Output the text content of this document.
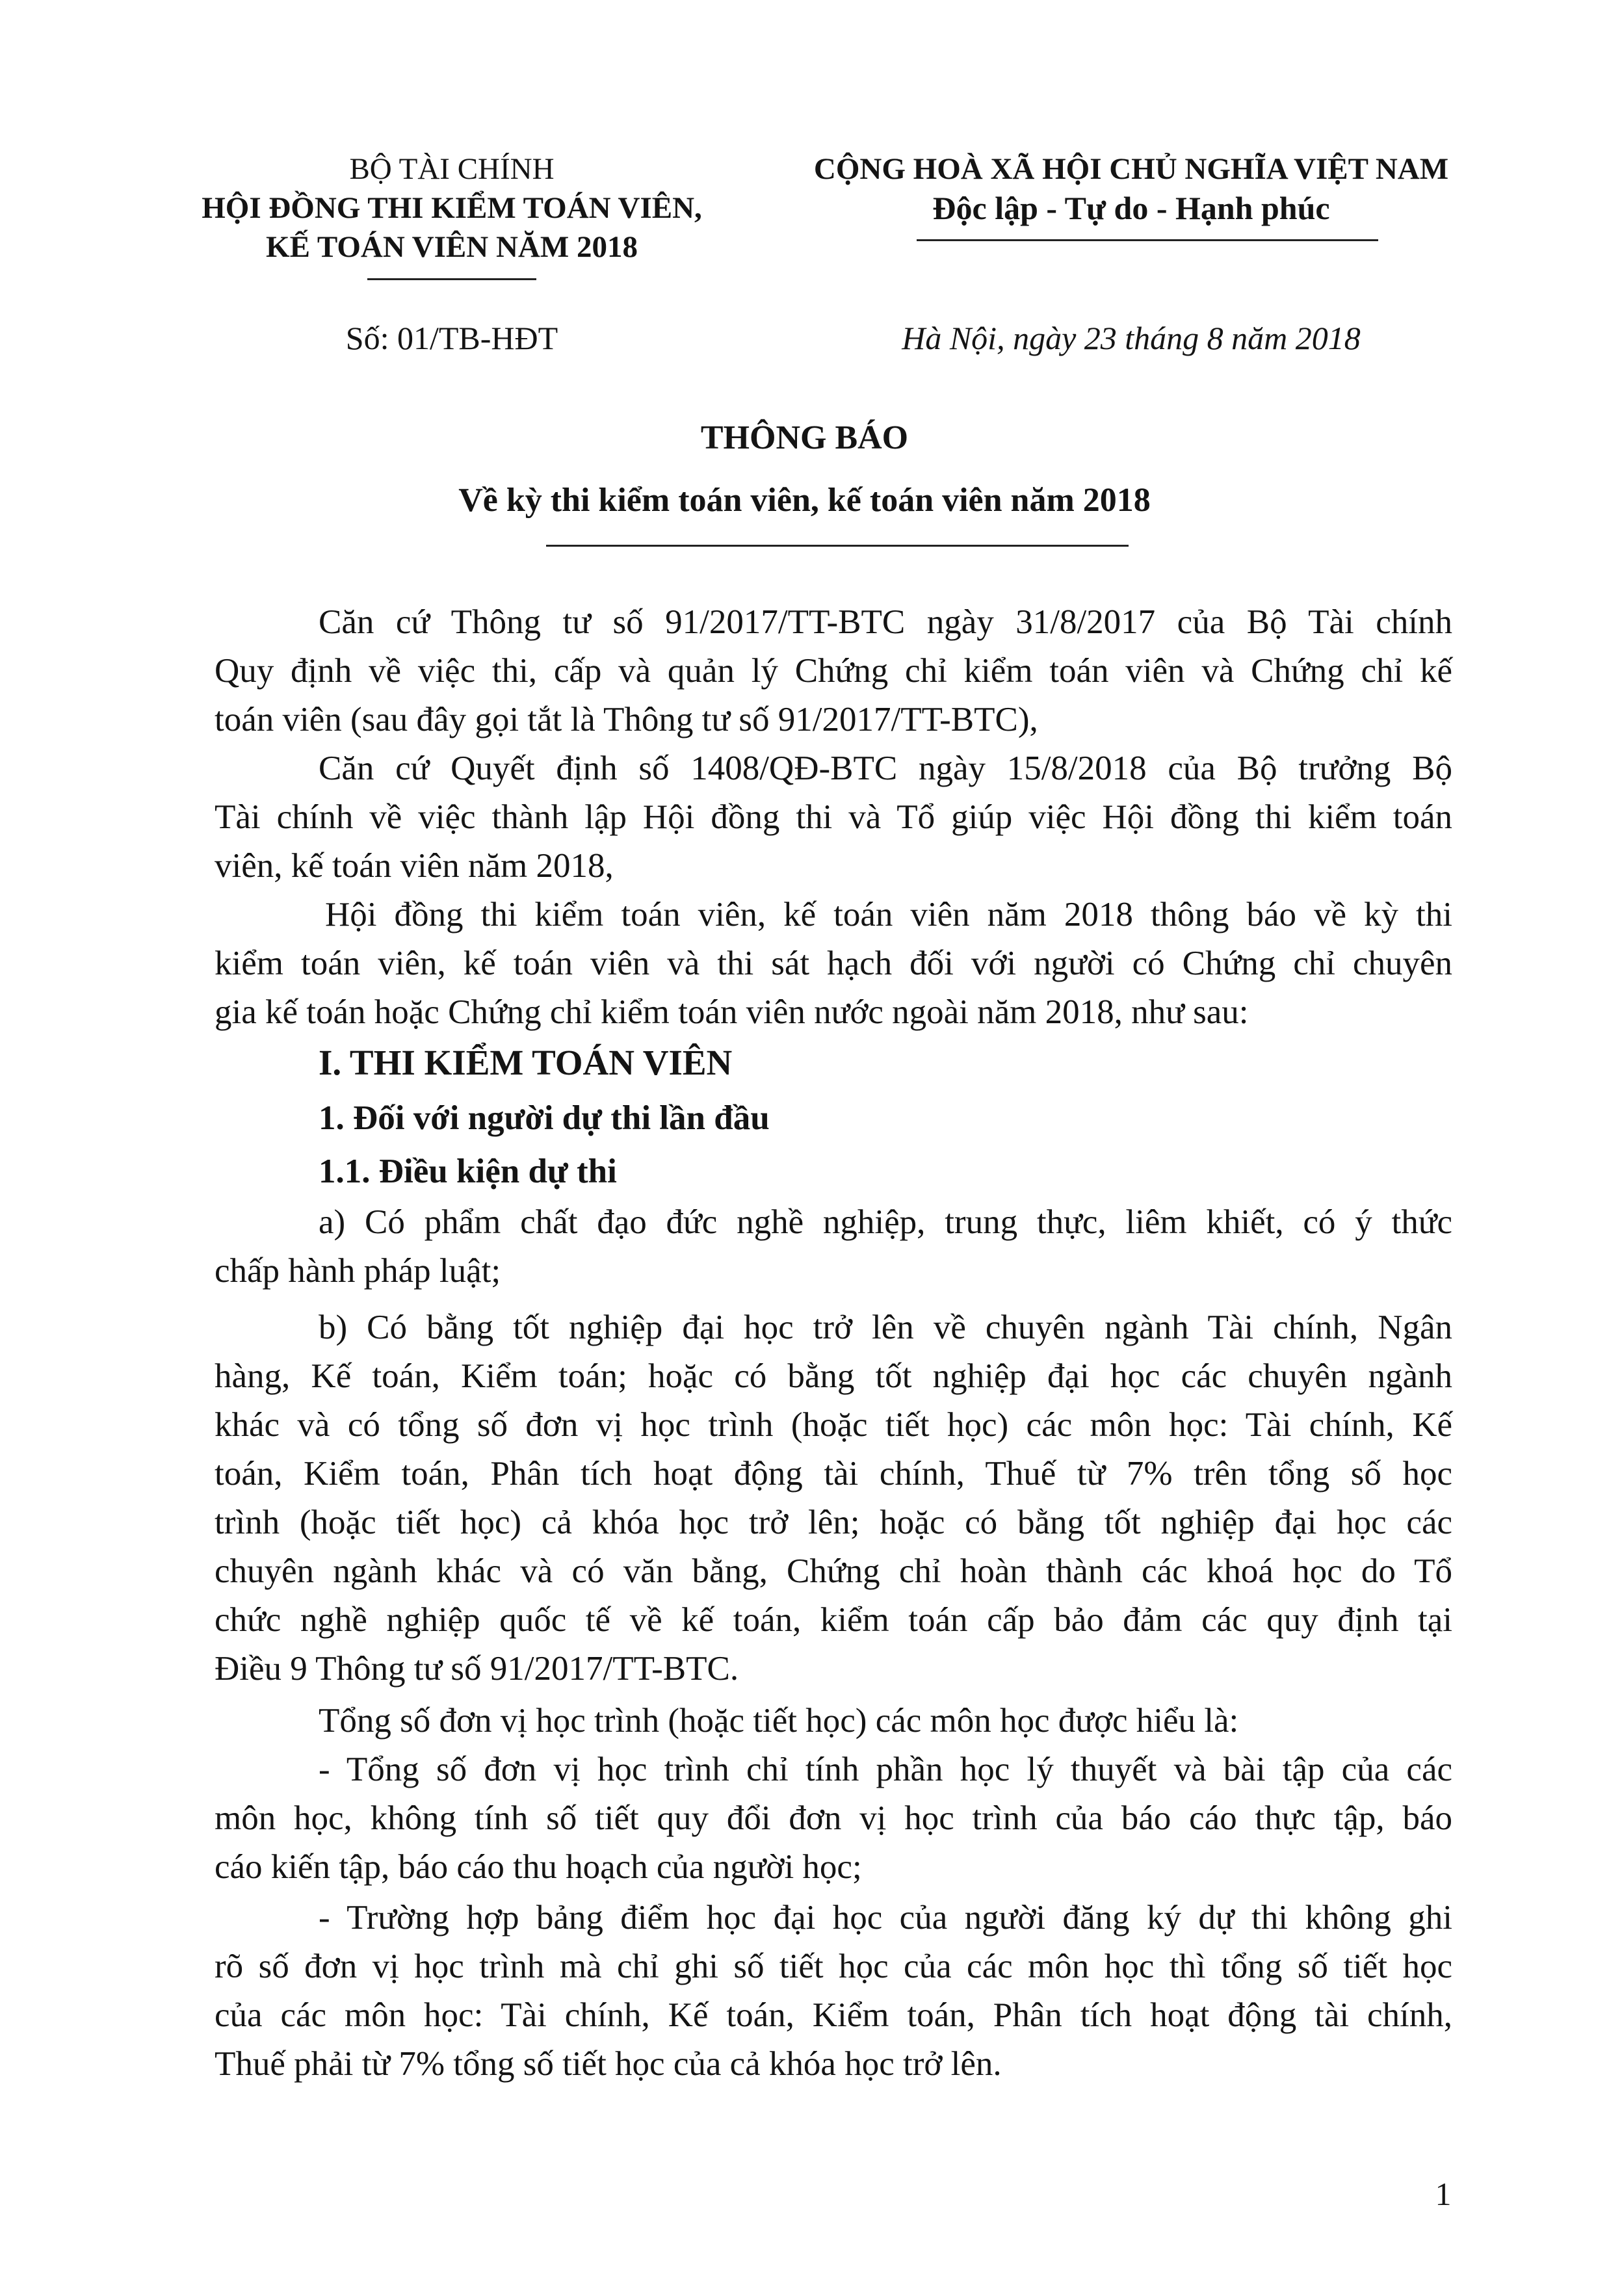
BỘ TÀI CHÍNH
HỘI ĐỒNG THI KIỂM TOÁN VIÊN,
KẾ TOÁN VIÊN NĂM 2018
Số: 01/TB-HĐT
CỘNG HOÀ XÃ HỘI CHỦ NGHĨA VIỆT NAM
Độc lập - Tự do - Hạnh phúc
Hà Nội, ngày 23 tháng 8 năm 2018
THÔNG BÁO
Về kỳ thi kiểm toán viên, kế toán viên năm 2018
Căn cứ Thông tư số 91/2017/TT-BTC ngày 31/8/2017 của Bộ Tài chính
Quy định về việc thi, cấp và quản lý Chứng chỉ kiểm toán viên và Chứng chỉ kế
toán viên (sau đây gọi tắt là Thông tư số 91/2017/TT-BTC),
Căn cứ Quyết định số 1408/QĐ-BTC ngày 15/8/2018 của Bộ trưởng Bộ
Tài chính về việc thành lập Hội đồng thi và Tổ giúp việc Hội đồng thi kiểm toán
viên, kế toán viên năm 2018,
Hội đồng thi kiểm toán viên, kế toán viên năm 2018 thông báo về kỳ thi
kiểm toán viên, kế toán viên và thi sát hạch đối với người có Chứng chỉ chuyên
gia kế toán hoặc Chứng chỉ kiểm toán viên nước ngoài năm 2018, như sau:
I. THI KIỂM TOÁN VIÊN
1. Đối với người dự thi lần đầu
1.1. Điều kiện dự thi
a) Có phẩm chất đạo đức nghề nghiệp, trung thực, liêm khiết, có ý thức
chấp hành pháp luật;
b) Có bằng tốt nghiệp đại học trở lên về chuyên ngành Tài chính, Ngân
hàng, Kế toán, Kiểm toán; hoặc có bằng tốt nghiệp đại học các chuyên ngành
khác và có tổng số đơn vị học trình (hoặc tiết học) các môn học: Tài chính, Kế
toán, Kiểm toán, Phân tích hoạt động tài chính, Thuế từ 7% trên tổng số học
trình (hoặc tiết học) cả khóa học trở lên; hoặc có bằng tốt nghiệp đại học các
chuyên ngành khác và có văn bằng, Chứng chỉ hoàn thành các khoá học do Tổ
chức nghề nghiệp quốc tế về kế toán, kiểm toán cấp bảo đảm các quy định tại
Điều 9 Thông tư số 91/2017/TT-BTC.
Tổng số đơn vị học trình (hoặc tiết học) các môn học được hiểu là:
- Tổng số đơn vị học trình chỉ tính phần học lý thuyết và bài tập của các
môn học, không tính số tiết quy đổi đơn vị học trình của báo cáo thực tập, báo
cáo kiến tập, báo cáo thu hoạch của người học;
- Trường hợp bảng điểm học đại học của người đăng ký dự thi không ghi
rõ số đơn vị học trình mà chỉ ghi số tiết học của các môn học thì tổng số tiết học
của các môn học: Tài chính, Kế toán, Kiểm toán, Phân tích hoạt động tài chính,
Thuế phải từ 7% tổng số tiết học của cả khóa học trở lên.
1
